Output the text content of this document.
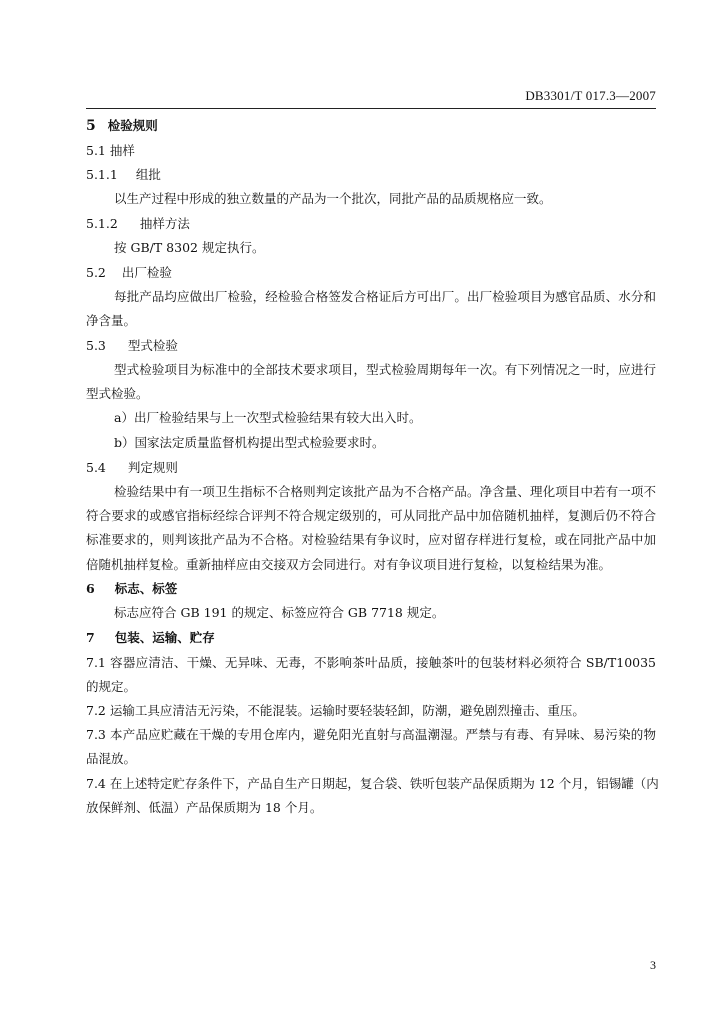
DB3301/T 017.3—2007
5 检验规则
5.1 抽样
5.1.1 组批
以生产过程中形成的独立数量的产品为一个批次，同批产品的品质规格应一致。
5.1.2 抽样方法
按 GB/T 8302 规定执行。
5.2 出厂检验
每批产品均应做出厂检验，经检验合格签发合格证后方可出厂。出厂检验项目为感官品质、水分和
净含量。
5.3 型式检验
型式检验项目为标准中的全部技术要求项目，型式检验周期每年一次。有下列情况之一时，应进行
型式检验。
a）出厂检验结果与上一次型式检验结果有较大出入时。
b）国家法定质量监督机构提出型式检验要求时。
5.4 判定规则
检验结果中有一项卫生指标不合格则判定该批产品为不合格产品。净含量、理化项目中若有一项不
符合要求的或感官指标经综合评判不符合规定级别的，可从同批产品中加倍随机抽样，复测后仍不符合
标准要求的，则判该批产品为不合格。对检验结果有争议时，应对留存样进行复检，或在同批产品中加
倍随机抽样复检。重新抽样应由交接双方会同进行。对有争议项目进行复检，以复检结果为准。
6 标志、标签
标志应符合 GB 191 的规定、标签应符合 GB 7718 规定。
7 包装、运输、贮存
7.1 容器应清洁、干燥、无异味、无毒，不影响茶叶品质，接触茶叶的包装材料必须符合 SB/T10035
的规定。
7.2 运输工具应清洁无污染，不能混装。运输时要轻装轻卸，防潮，避免剧烈撞击、重压。
7.3 本产品应贮藏在干燥的专用仓库内，避免阳光直射与高温潮湿。严禁与有毒、有异味、易污染的物
品混放。
7.4 在上述特定贮存条件下，产品自生产日期起，复合袋、铁听包装产品保质期为 12 个月，铝锡罐（内
放保鲜剂、低温）产品保质期为 18 个月。
3
